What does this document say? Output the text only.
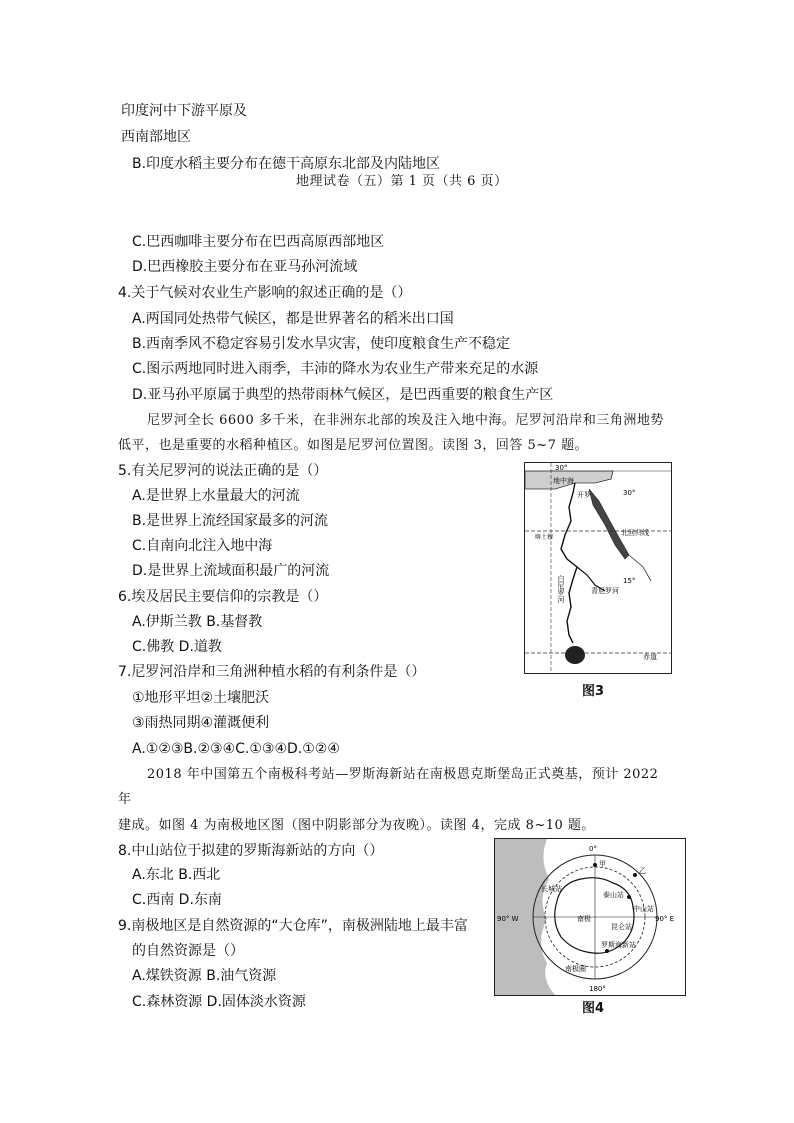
印度河中下游平原及
西南部地区
B.印度水稻主要分布在德干高原东北部及内陆地区
地理试卷（五）第 1 页（共 6 页）
C.巴西咖啡主要分布在巴西高原西部地区
D.巴西橡胶主要分布在亚马孙河流域
4.关于气候对农业生产影响的叙述正确的是（）
A.两国同处热带气候区，都是世界著名的稻米出口国
B.西南季风不稳定容易引发水旱灾害，使印度粮食生产不稳定
C.图示两地同时进入雨季，丰沛的降水为农业生产带来充足的水源
D.亚马孙平原属于典型的热带雨林气候区，是巴西重要的粮食生产区
尼罗河全长 6600 多千米，在非洲东北部的埃及注入地中海。尼罗河沿岸和三角洲地势
低平，也是重要的水稻种植区。如图是尼罗河位置图。读图 3，回答 5~7 题。
5.有关尼罗河的说法正确的是（）
A.是世界上水量最大的河流
B.是世界上流经国家最多的河流
C.自南向北注入地中海
D.是世界上流域面积最广的河流
6.埃及居民主要信仰的宗教是（）
A.伊斯兰教 B.基督教
C.佛教 D.道教
7.尼罗河沿岸和三角洲种植水稻的有利条件是（）
①地形平坦②土壤肥沃
③雨热同期④灌溉便利
A.①②③B.②③④C.①③④D.①②④
2018 年中国第五个南极科考站—罗斯海新站在南极恩克斯堡岛正式奠基，预计 2022
年
建成。如图 4 为南极地区图（图中阴影部分为夜晚）。读图 4，完成 8~10 题。
8.中山站位于拟建的罗斯海新站的方向（）
A.东北 B.西北
C.西南 D.东南
9.南极地区是自然资源的“大仓库”，南极洲陆地上最丰富
的自然资源是（）
A.煤铁资源 B.油气资源
C.森林资源 D.固体淡水资源
30°
30°
地中海
开罗
北回归线
喀土穆
白尼罗河	青尼罗河
15°
赤道
图3
0°
甲
乙
长城站
泰山站
中山站
90° W	90° E
南极
昆仑站
罗斯海新站
南极圈
180°
图4
